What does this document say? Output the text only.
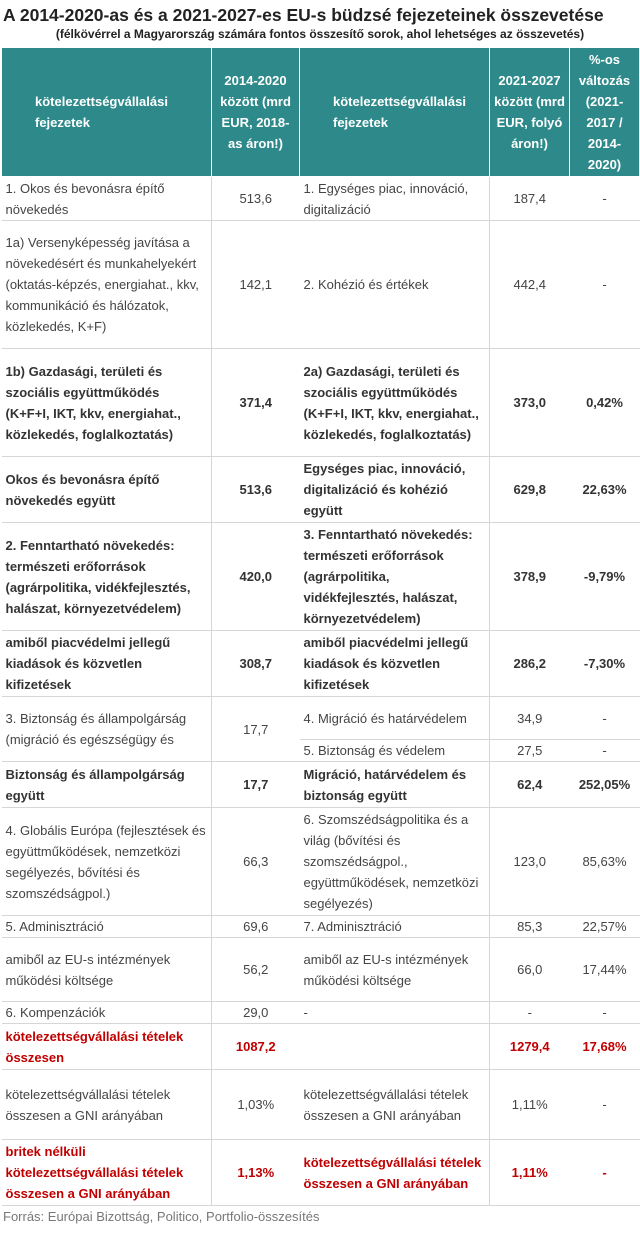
A 2014-2020-as és a 2021-2027-es EU-s büdzsé fejezeteinek összevetése
(félkövérrel a Magyarország számára fontos összesítő sorok, ahol lehetséges az összevetés)
kötelezettségvállalási fejezetek	2014-2020 között (mrd EUR, 2018-as áron!)	kötelezettségvállalási fejezetek	2021-2027 között (mrd EUR, folyó áron!)	%-os változás (2021-2017 / 2014-2020)
1. Okos és bevonásra építő növekedés	513,6	1. Egységes piac, innováció, digitalizáció	187,4	-
1a) Versenyképesség javítása a növekedésért és munkahelyekért (oktatás-képzés, energiahat., kkv, kommunikáció és hálózatok, közlekedés, K+F)	142,1	2. Kohézió és értékek	442,4	-
1b) Gazdasági, területi és szociális együttműködés (K+F+I, IKT, kkv, energiahat., közlekedés, foglalkoztatás)	371,4	2a) Gazdasági, területi és szociális együttműködés (K+F+I, IKT, kkv, energiahat., közlekedés, foglalkoztatás)	373,0	0,42%
Okos és bevonásra építő növekedés együtt	513,6	Egységes piac, innováció, digitalizáció és kohézió együtt	629,8	22,63%
2. Fenntartható növekedés: természeti erőforrások (agrárpolitika, vidékfejlesztés, halászat, környezetvédelem)	420,0	3. Fenntartható növekedés: természeti erőforrások (agrárpolitika, vidékfejlesztés, halászat, környezetvédelem)	378,9	-9,79%
amiből piacvédelmi jellegű kiadások és közvetlen kifizetések	308,7	amiből piacvédelmi jellegű kiadások és közvetlen kifizetések	286,2	-7,30%
3. Biztonság és állampolgárság (migráció és egészségügy és	17,7	4. Migráció és határvédelem	34,9	-
		5. Biztonság és védelem	27,5	-
Biztonság és állampolgárság együtt	17,7	Migráció, határvédelem és biztonság együtt	62,4	252,05%
4. Globális Európa (fejlesztések és együttműködések, nemzetközi segélyezés, bővítési és szomszédságpol.)	66,3	6. Szomszédságpolitika és a világ (bővítési és szomszédságpol., együttműködések, nemzetközi segélyezés)	123,0	85,63%
5. Adminisztráció	69,6	7. Adminisztráció	85,3	22,57%
amiből az EU-s intézmények működési költsége	56,2	amiből az EU-s intézmények működési költsége	66,0	17,44%
6. Kompenzációk	29,0	-	-	-
kötelezettségvállalási tételek összesen	1087,2		1279,4	17,68%
kötelezettségvállalási tételek összesen a GNI arányában	1,03%	kötelezettségvállalási tételek összesen a GNI arányában	1,11%	-
britek nélküli kötelezettségvállalási tételek összesen a GNI arányában	1,13%	kötelezettségvállalási tételek összesen a GNI arányában	1,11%	-
Forrás: Európai Bizottság, Politico, Portfolio-összesítés
